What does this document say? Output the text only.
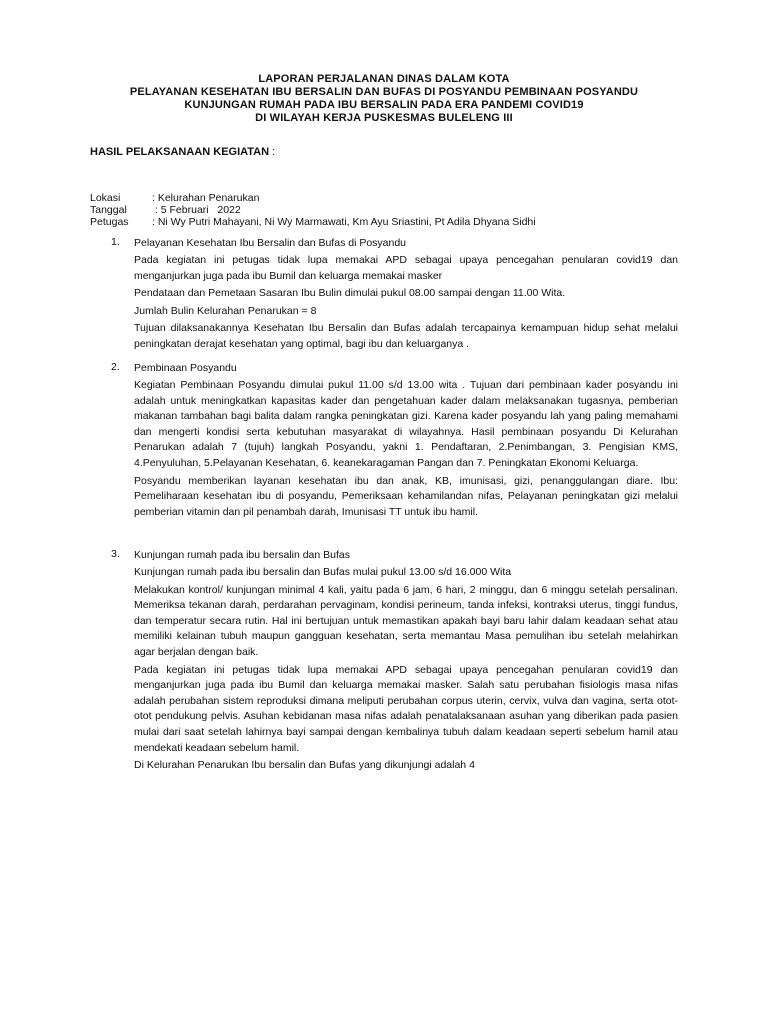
LAPORAN PERJALANAN DINAS DALAM KOTA
PELAYANAN KESEHATAN IBU BERSALIN DAN BUFAS DI POSYANDU PEMBINAAN POSYANDU
KUNJUNGAN RUMAH PADA IBU BERSALIN PADA ERA PANDEMI COVID19
DI WILAYAH KERJA PUSKESMAS BULELENG III
HASIL PELAKSANAAN KEGIATAN :
Lokasi	: Kelurahan Penarukan
Tanggal	: 5 Februari   2022
Petugas	: Ni Wy Putri Mahayani, Ni Wy Marmawati, Km Ayu Sriastini, Pt Adila Dhyana Sidhi
1.	Pelayanan Kesehatan Ibu Bersalin dan Bufas di Posyandu

Pada kegiatan ini petugas tidak lupa memakai APD sebagai upaya pencegahan penularan covid19 dan menganjurkan juga pada ibu Bumil dan keluarga memakai masker

Pendataan dan Pemetaan Sasaran Ibu Bulin dimulai pukul 08.00 sampai dengan 11.00 Wita.

Jumlah Bulin Kelurahan Penarukan = 8

Tujuan dilaksanakannya Kesehatan Ibu Bersalin dan Bufas adalah tercapainya kemampuan hidup sehat melalui peningkatan derajat kesehatan yang optimal, bagi ibu dan keluarganya .

2.	Pembinaan Posyandu

Kegiatan Pembinaan Posyandu dimulai pukul 11.00 s/d 13.00 wita . Tujuan dari pembinaan kader posyandu ini adalah untuk meningkatkan kapasitas kader dan pengetahuan kader dalam melaksanakan tugasnya, pemberian makanan tambahan bagi balita dalam rangka peningkatan gizi. Karena kader posyandu lah yang paling memahami dan mengerti kondisi serta kebutuhan masyarakat di wilayahnya. Hasil pembinaan posyandu Di Kelurahan Penarukan adalah 7 (tujuh) langkah Posyandu, yakni 1. Pendaftaran, 2.Penimbangan, 3. Pengisian KMS, 4.Penyuluhan, 5.Pelayanan Kesehatan, 6. keanekaragaman Pangan dan 7. Peningkatan Ekonomi Keluarga.

Posyandu memberikan layanan kesehatan ibu dan anak, KB, imunisasi, gizi, penanggulangan diare. Ibu: Pemeliharaan kesehatan ibu di posyandu, Pemeriksaan kehamilandan nifas, Pelayanan peningkatan gizi melalui pemberian vitamin dan pil penambah darah, Imunisasi TT untuk ibu hamil.

3.	Kunjungan rumah pada ibu bersalin dan Bufas

Kunjungan rumah pada ibu bersalin dan Bufas mulai pukul 13.00 s/d 16.000 Wita

Melakukan kontrol/ kunjungan minimal 4 kali, yaitu pada 6 jam, 6 hari, 2 minggu, dan 6 minggu setelah persalinan. Memeriksa tekanan darah, perdarahan pervaginam, kondisi perineum, tanda infeksi, kontraksi uterus, tinggi fundus, dan temperatur secara rutin. Hal ini bertujuan untuk memastikan apakah bayi baru lahir dalam keadaan sehat atau memiliki kelainan tubuh maupun gangguan kesehatan, serta memantau Masa pemulihan ibu setelah melahirkan agar berjalan dengan baik.

Pada kegiatan ini petugas tidak lupa memakai APD sebagai upaya pencegahan penularan covid19 dan menganjurkan juga pada ibu Bumil dan keluarga memakai masker. Salah satu perubahan fisiologis masa nifas adalah perubahan sistem reproduksi dimana meliputi perubahan corpus uterin, cervix, vulva dan vagina, serta otot-otot pendukung pelvis. Asuhan kebidanan masa nifas adalah penatalaksanaan asuhan yang diberikan pada pasien mulai dari saat setelah lahirnya bayi sampai dengan kembalinya tubuh dalam keadaan seperti sebelum hamil atau mendekati keadaan sebelum hamil.

Di Kelurahan Penarukan Ibu bersalin dan Bufas yang dikunjungi adalah 4
